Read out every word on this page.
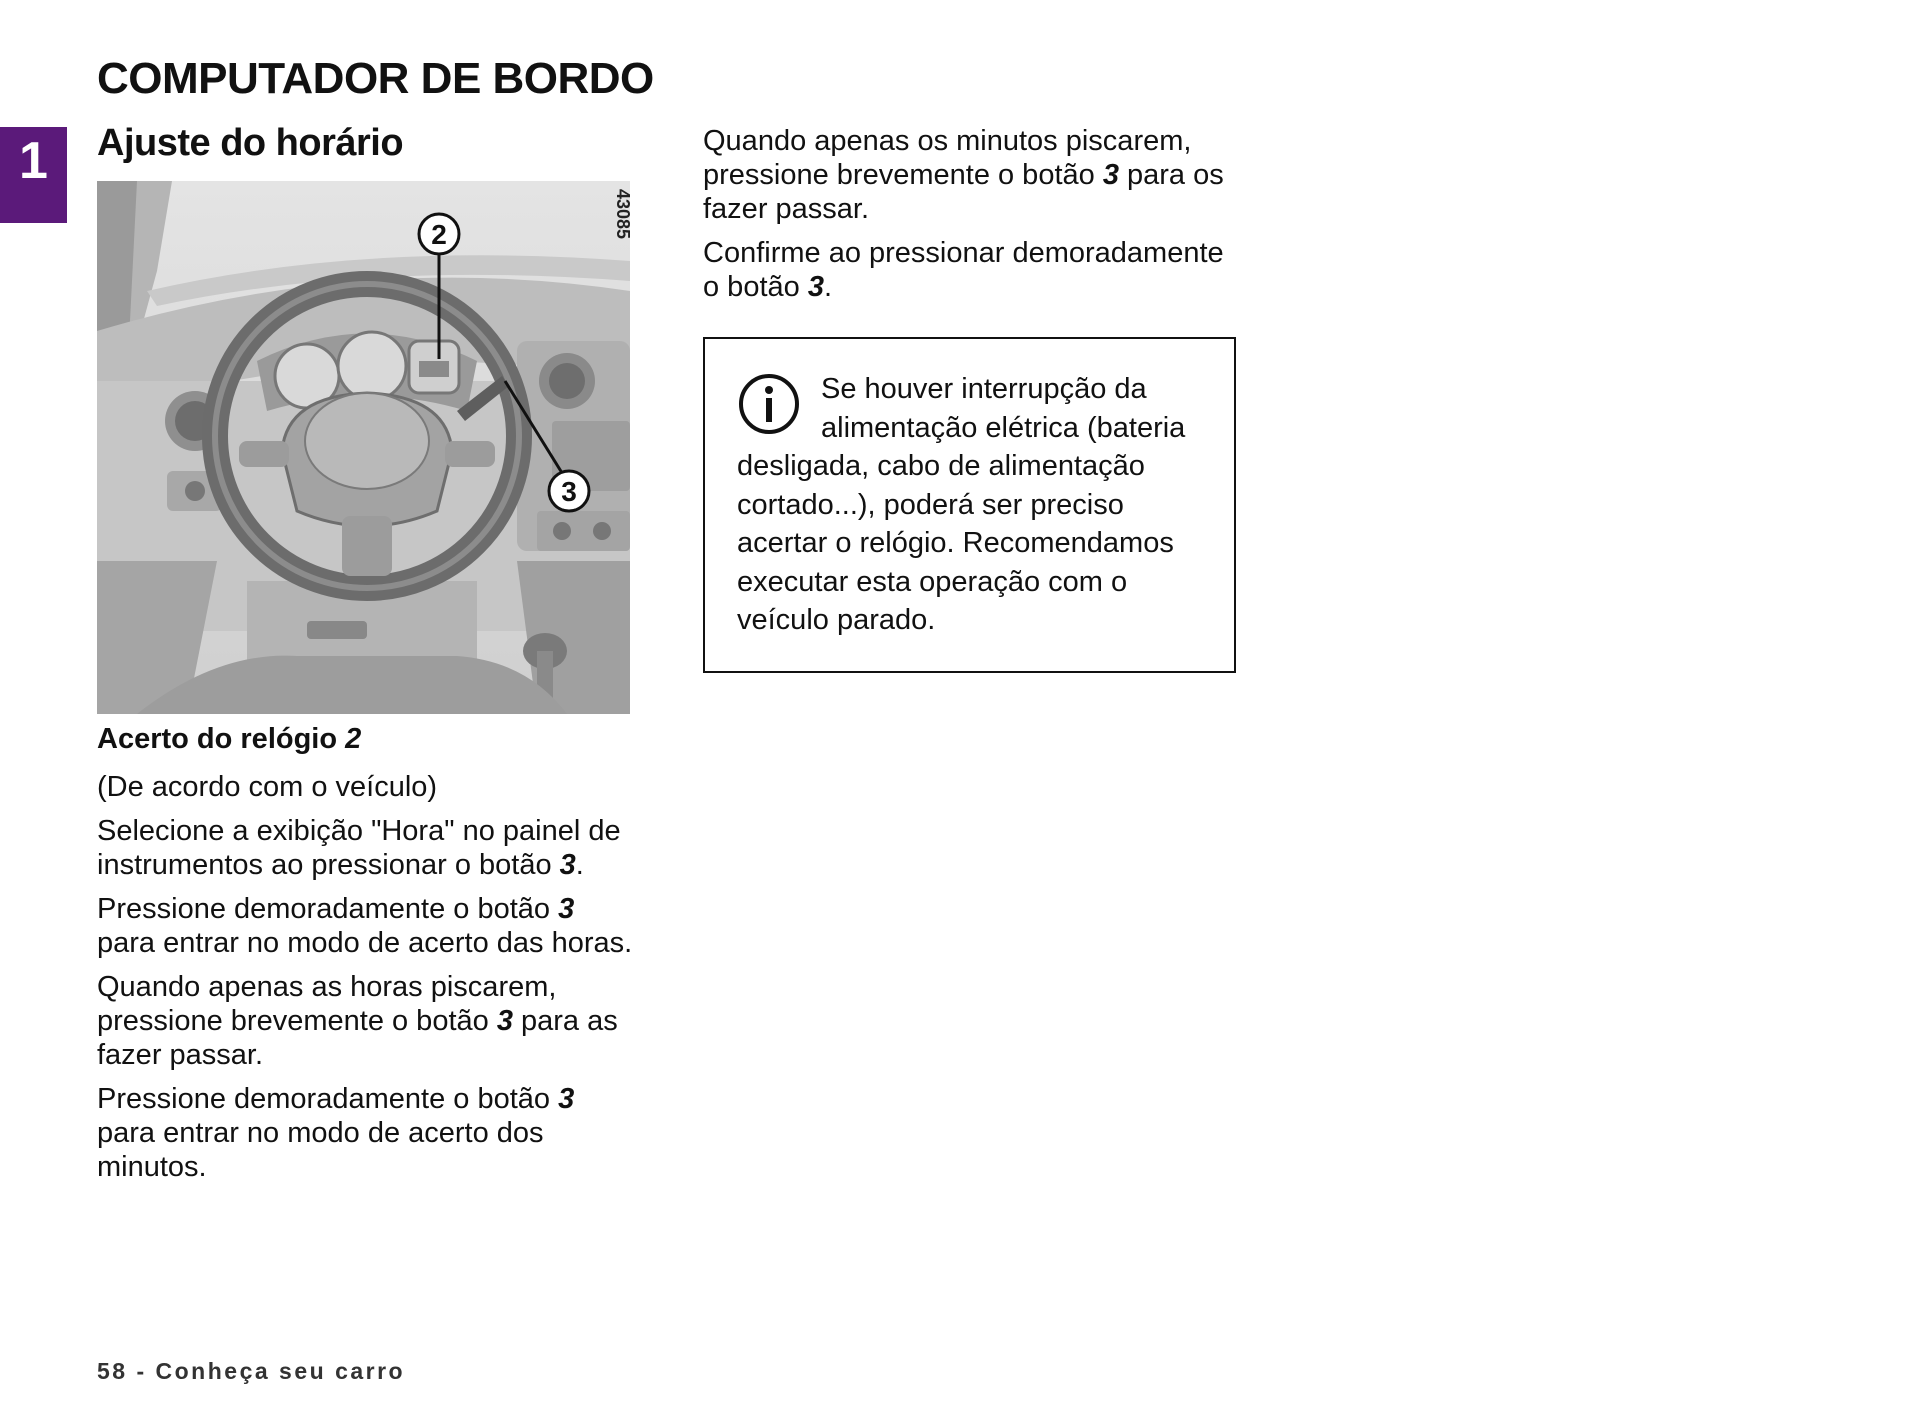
COMPUTADOR DE BORDO
1 Ajuste do horário
2
3
43085

Acerto do relógio 2

(De acordo com o veículo)

Selecione a exibição "Hora" no painel de instrumentos ao pressionar o botão 3.

Pressione demoradamente o botão 3 para entrar no modo de acerto das horas.

Quando apenas as horas piscarem, pressione brevemente o botão 3 para as fazer passar.

Pressione demoradamente o botão 3 para entrar no modo de acerto dos minutos.

Quando apenas os minutos piscarem, pressione brevemente o botão 3 para os fazer passar.

Confirme ao pressionar demoradamente o botão 3.

Se houver interrupção da alimentação elétrica (bateria desligada, cabo de alimentação cortado...), poderá ser preciso acertar o relógio. Recomendamos executar esta operação com o veículo parado.

58 - Conheça seu carro
